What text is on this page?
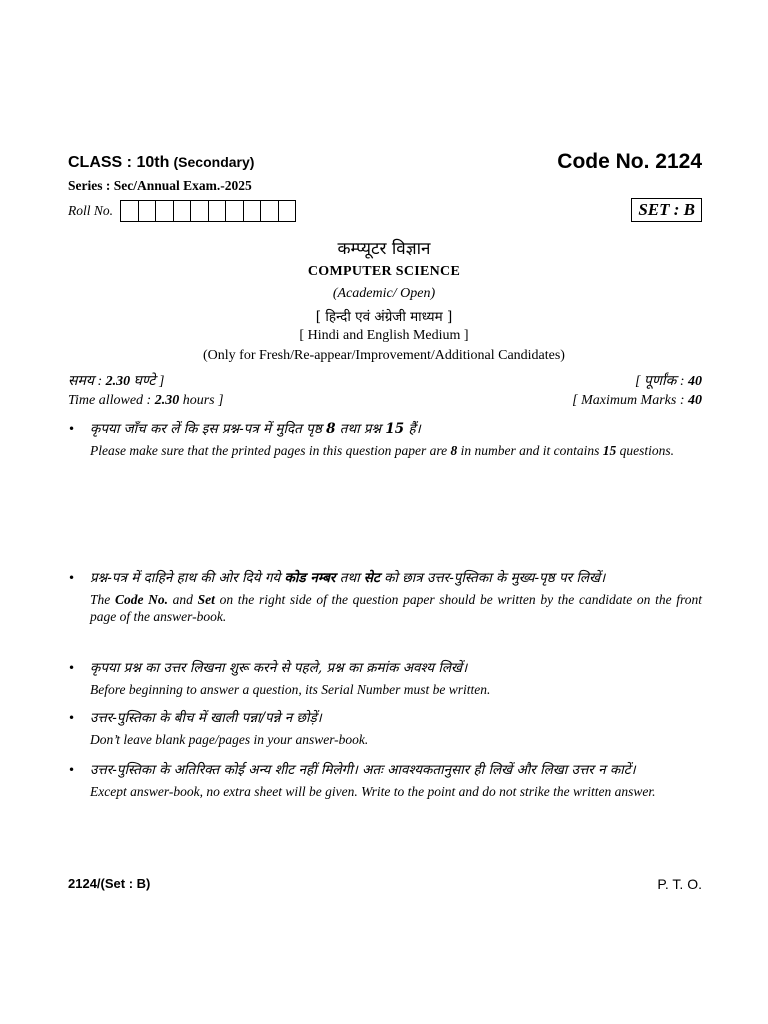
CLASS : 10th (Secondary)	Code No. 2124
Series : Sec/Annual Exam.-2025
Roll No.	SET : B
कम्प्यूटर विज्ञान
COMPUTER SCIENCE
(Academic/ Open)
[ हिन्दी एवं अंग्रेजी माध्यम ]
[ Hindi and English Medium ]
(Only for Fresh/Re-appear/Improvement/Additional Candidates)
समय : 2.30 घण्टे ]	[ पूर्णांक : 40
Time allowed : 2.30 hours ]	[ Maximum Marks : 40
• कृपया जाँच कर लें कि इस प्रश्न-पत्र में मुदित पृष्ठ 8 तथा प्रश्न 15 हैं।
Please make sure that the printed pages in this question paper are 8 in number and it contains 15 questions.
• प्रश्न-पत्र में दाहिने हाथ की ओर दिये गये कोड नम्बर तथा सेट को छात्र उत्तर-पुस्तिका के मुख्य-पृष्ठ पर लिखें।
The Code No. and Set on the right side of the question paper should be written by the candidate on the front page of the answer-book.
• कृपया प्रश्न का उत्तर लिखना शुरू करने से पहले, प्रश्न का क्रमांक अवश्य लिखें।
Before beginning to answer a question, its Serial Number must be written.
• उत्तर-पुस्तिका के बीच में खाली पन्ना/पन्ने न छोड़ें।
Don’t leave blank page/pages in your answer-book.
• उत्तर-पुस्तिका के अतिरिक्त कोई अन्य शीट नहीं मिलेगी। अतः आवश्यकतानुसार ही लिखें और लिखा उत्तर न काटें।
Except answer-book, no extra sheet will be given. Write to the point and do not strike the written answer.
2124/(Set : B)	P. T. O.
